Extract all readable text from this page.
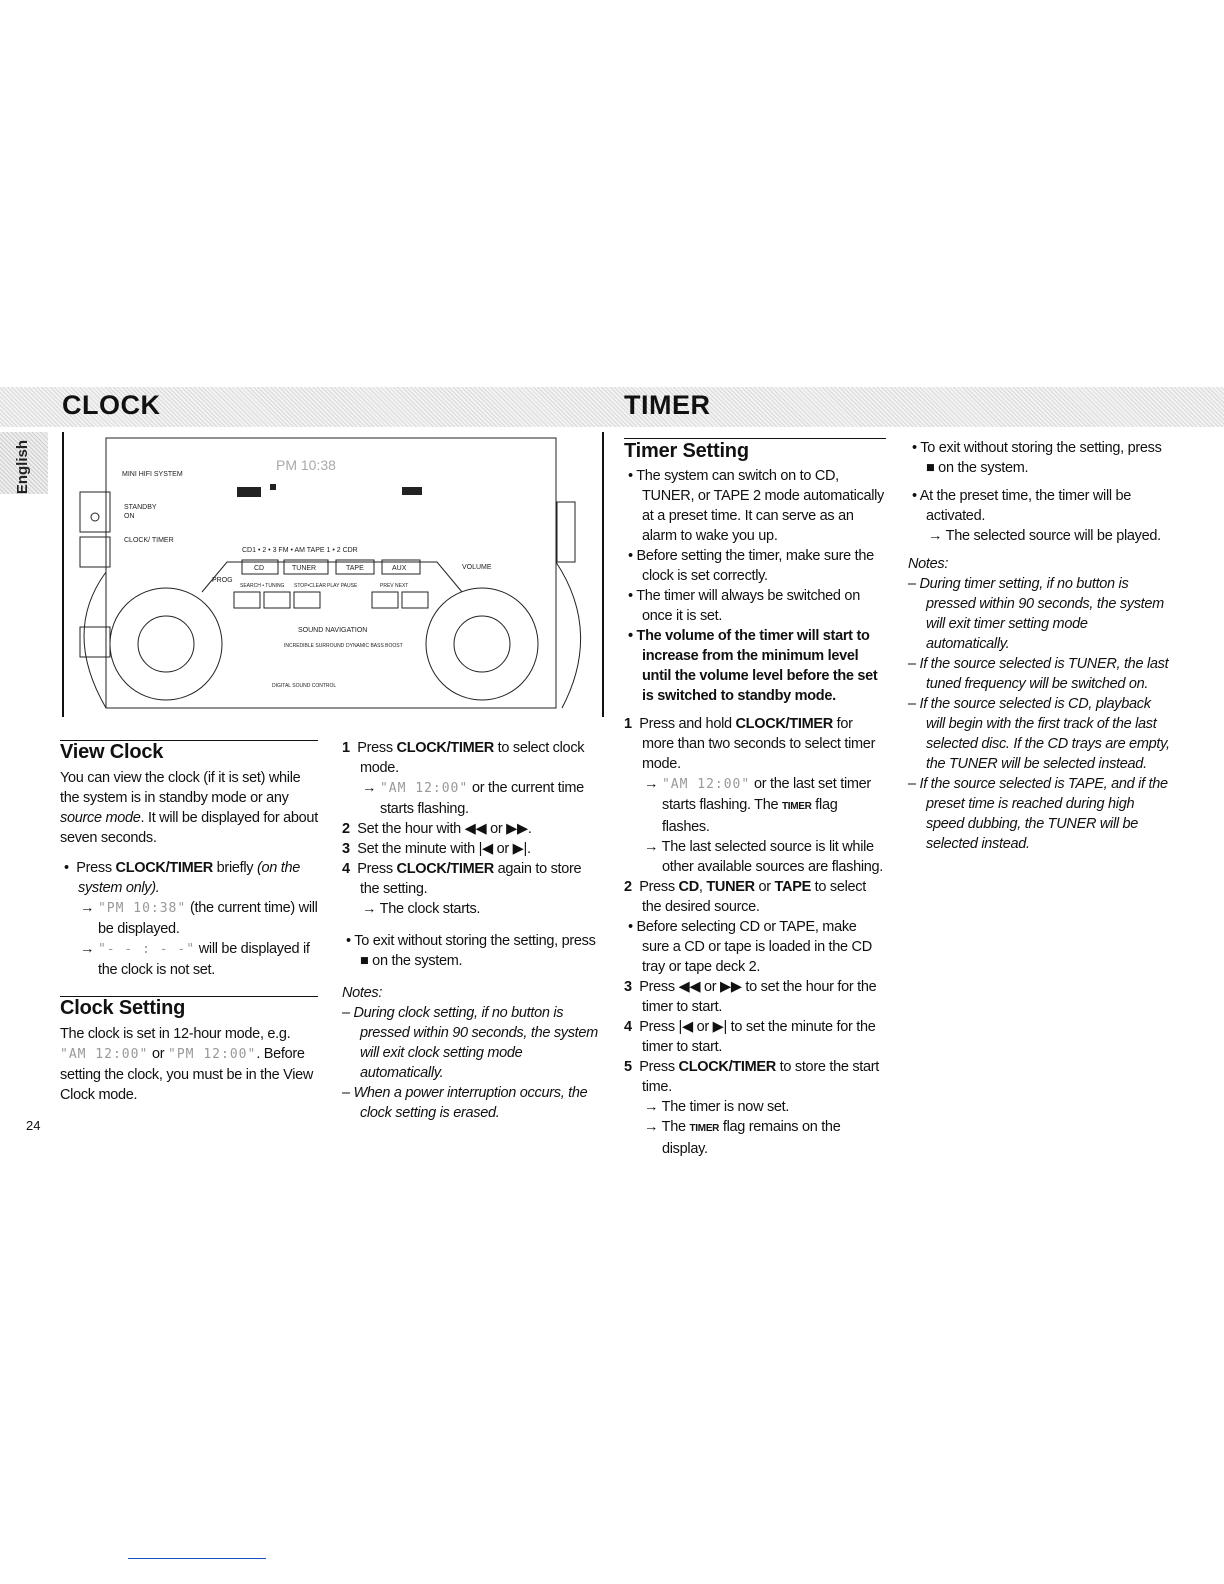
CLOCK	TIMER
English	MINI HIFI SYSTEM
STANDBY
ON
CLOCK/ TIMER
PM 10:38
CD1 • 2 • 3 FM • AM TAPE 1 • 2 CDR
CD	TUNER	TAPE	AUX
PROG
VOLUME
SEARCH • TUNING STOP•CLEAR PLAY PAUSE	PREV NEXT
SOUND NAVIGATION
INCREDIBLE SURROUND DYNAMIC BASS BOOST
DIGITAL SOUND CONTROL
View Clock

You can view the clock (if it is set) while the system is in standby mode or any source mode. It will be displayed for about seven seconds.

•  Press CLOCK/TIMER briefly (on the system only).

→ "PM 10:38" (the current time) will be displayed.

→ "- - : - -" will be displayed if the clock is not set.

Clock Setting

The clock is set in 12-hour mode, e.g. "AM 12:00" or "PM 12:00". Before setting the clock, you must be in the View Clock mode.

1  Press CLOCK/TIMER to select clock mode.

→ "AM 12:00" or the current time starts flashing.

2  Set the hour with ◀◀ or ▶▶.

3  Set the minute with |◀ or ▶|.

4  Press CLOCK/TIMER again to store the setting.

→ The clock starts.

• To exit without storing the setting, press ■ on the system.

Notes:

– During clock setting, if no button is pressed within 90 seconds, the system will exit clock setting mode automatically.

– When a power interruption occurs, the clock setting is erased.

Timer Setting

• The system can switch on to CD, TUNER, or TAPE 2 mode automatically at a preset time. It can serve as an alarm to wake you up.

• Before setting the timer, make sure the clock is set correctly.

• The timer will always be switched on once it is set.

• The volume of the timer will start to increase from the minimum level until the volume level before the set is switched to standby mode.

1  Press and hold CLOCK/TIMER for more than two seconds to select timer mode.

→ "AM 12:00" or the last set timer starts flashing. The TIMER flag flashes.

→ The last selected source is lit while other available sources are flashing.

2  Press CD, TUNER or TAPE to select the desired source.

• Before selecting CD or TAPE, make sure a CD or tape is loaded in the CD tray or tape deck 2.

3  Press ◀◀ or ▶▶ to set the hour for the timer to start.

4  Press |◀ or ▶| to set the minute for the timer to start.

5  Press CLOCK/TIMER to store the start time.

→ The timer is now set.

→ The TIMER flag remains on the display.

• To exit without storing the setting, press ■ on the system.

• At the preset time, the timer will be activated.

→ The selected source will be played.

Notes:

– During timer setting, if no button is pressed within 90 seconds, the system will exit timer setting mode automatically.

– If the source selected is TUNER, the last tuned frequency will be switched on.

– If the source selected is CD, playback will begin with the first track of the last selected disc. If the CD trays are empty, the TUNER will be selected instead.

– If the source selected is TAPE, and if the preset time is reached during high speed dubbing, the TUNER will be selected instead.

24
